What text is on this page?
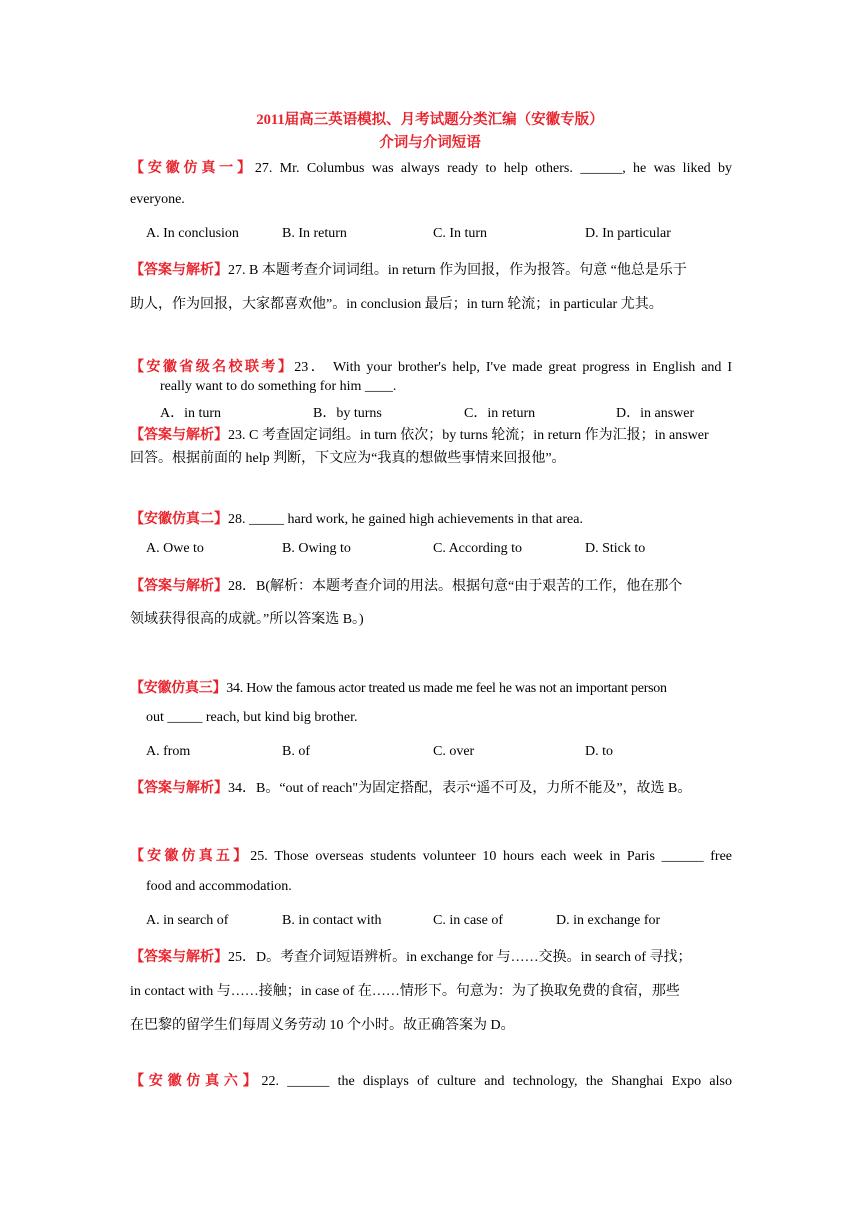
2011届高三英语模拟、月考试题分类汇编（安徽专版）
介词与介词短语
【安徽仿真一】27. Mr. Columbus was always ready to help others. ______, he was liked by
everyone.
A. In conclusion	B. In return	C. In turn	D. In particular
【答案与解析】27. B 本题考查介词词组。in return 作为回报，作为报答。句意 “他总是乐于
助人，作为回报，大家都喜欢他”。in conclusion 最后；in turn 轮流；in particular 尤其。
【安徽省级名校联考】23． With your brother's help, I've made great progress in English and I
really want to do something for him ____.
A．in turn	B．by turns	C．in return	D．in answer
【答案与解析】23. C 考查固定词组。in turn 依次；by turns 轮流；in return 作为汇报；in answer
回答。根据前面的 help 判断，下文应为“我真的想做些事情来回报他”。
【安徽仿真二】28. _____ hard work, he gained high achievements in that area.
A. Owe to	B. Owing to	C. According to	D. Stick to
【答案与解析】28．B(解析：本题考查介词的用法。根据句意“由于艰苦的工作，他在那个
领域获得很高的成就。”所以答案选 B。)
【安徽仿真三】34. How the famous actor treated us made me feel he was not an important person
out _____ reach, but kind big brother.
A. from	B. of	C. over	D. to
【答案与解析】34．B。“out of reach"为固定搭配，表示“遥不可及，力所不能及”，故选 B。
【安徽仿真五】25. Those overseas students volunteer 10 hours each week in Paris ______ free
food and accommodation.
A. in search of	B. in contact with	C. in case of	D. in exchange for
【答案与解析】25．D。考查介词短语辨析。in exchange for 与……交换。in search of 寻找；
in contact with 与……接触；in case of 在……情形下。句意为：为了换取免费的食宿，那些
在巴黎的留学生们每周义务劳动 10 个小时。故正确答案为 D。
【安徽仿真六】22. ______ the displays of culture and technology, the Shanghai Expo also
